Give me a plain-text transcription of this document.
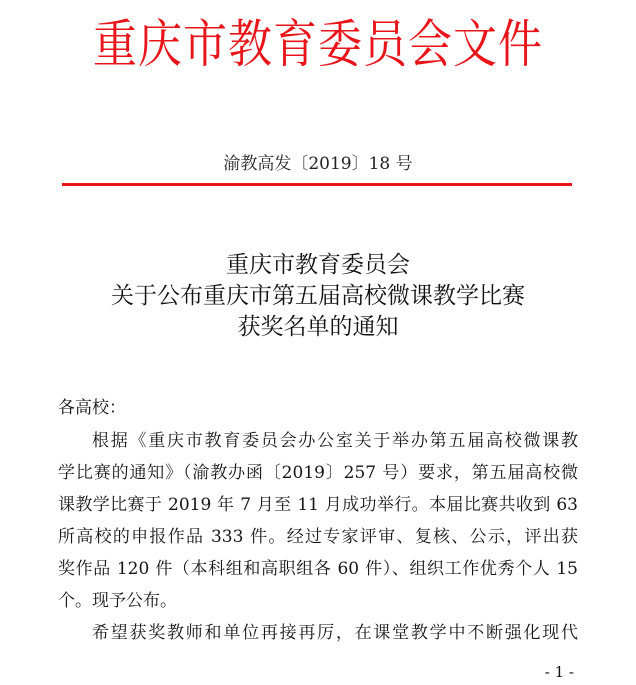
重庆市教育委员会文件
渝教高发〔2019〕18 号
重庆市教育委员会
关于公布重庆市第五届高校微课教学比赛
获奖名单的通知
各高校：
根据《重庆市教育委员会办公室关于举办第五届高校微课教
学比赛的通知》（渝教办函〔2019〕257 号）要求，第五届高校微
课教学比赛于 2019 年 7 月至 11 月成功举行。本届比赛共收到 63
所高校的申报作品 333 件。经过专家评审、复核、公示，评出获
奖作品 120 件（本科组和高职组各 60 件）、组织工作优秀个人 15
个。现予公布。
希望获奖教师和单位再接再厉，在课堂教学中不断强化现代
- 1 -
